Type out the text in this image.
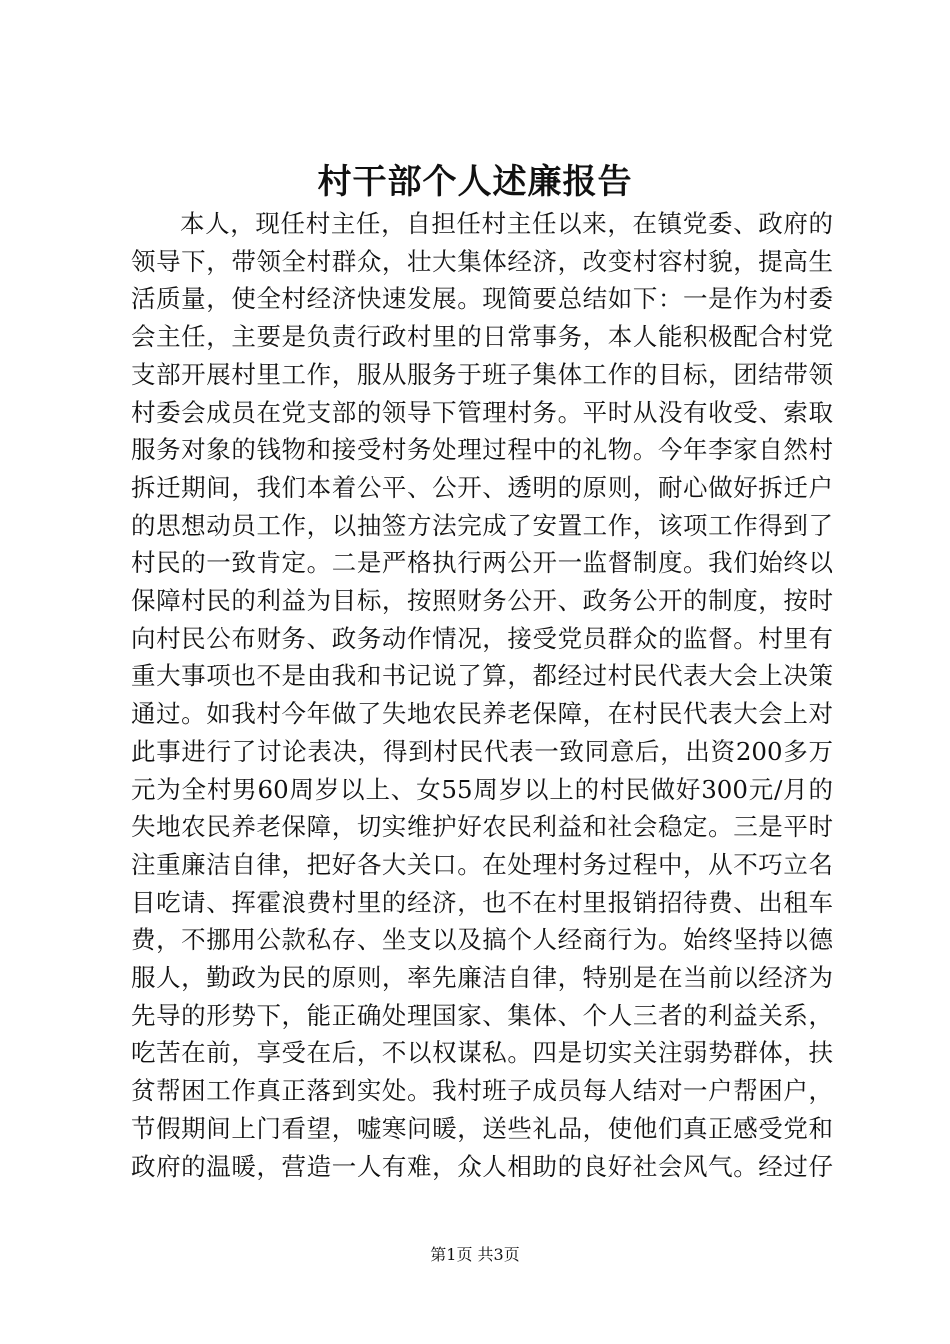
村干部个人述廉报告

本人，现任村主任，自担任村主任以来，在镇党委、政府的领导下，带领全村群众，壮大集体经济，改变村容村貌，提高生活质量，使全村经济快速发展。现简要总结如下：一是作为村委会主任，主要是负责行政村里的日常事务，本人能积极配合村党支部开展村里工作，服从服务于班子集体工作的目标，团结带领村委会成员在党支部的领导下管理村务。平时从没有收受、索取服务对象的钱物和接受村务处理过程中的礼物。今年李家自然村拆迁期间，我们本着公平、公开、透明的原则，耐心做好拆迁户的思想动员工作，以抽签方法完成了安置工作，该项工作得到了村民的一致肯定。二是严格执行两公开一监督制度。我们始终以保障村民的利益为目标，按照财务公开、政务公开的制度，按时向村民公布财务、政务动作情况，接受党员群众的监督。村里有重大事项也不是由我和书记说了算，都经过村民代表大会上决策通过。如我村今年做了失地农民养老保障，在村民代表大会上对此事进行了讨论表决，得到村民代表一致同意后，出资200多万元为全村男60周岁以上、女55周岁以上的村民做好300元/月的失地农民养老保障，切实维护好农民利益和社会稳定。三是平时注重廉洁自律，把好各大关口。在处理村务过程中，从不巧立名目吃请、挥霍浪费村里的经济，也不在村里报销招待费、出租车费，不挪用公款私存、坐支以及搞个人经商行为。始终坚持以德服人，勤政为民的原则，率先廉洁自律，特别是在当前以经济为先导的形势下，能正确处理国家、集体、个人三者的利益关系，吃苦在前，享受在后，不以权谋私。四是切实关注弱势群体，扶贫帮困工作真正落到实处。我村班子成员每人结对一户帮困户，节假期间上门看望，嘘寒问暖，送些礼品，使他们真正感受党和政府的温暖，营造一人有难，众人相助的良好社会风气。经过仔

第1页 共3页
